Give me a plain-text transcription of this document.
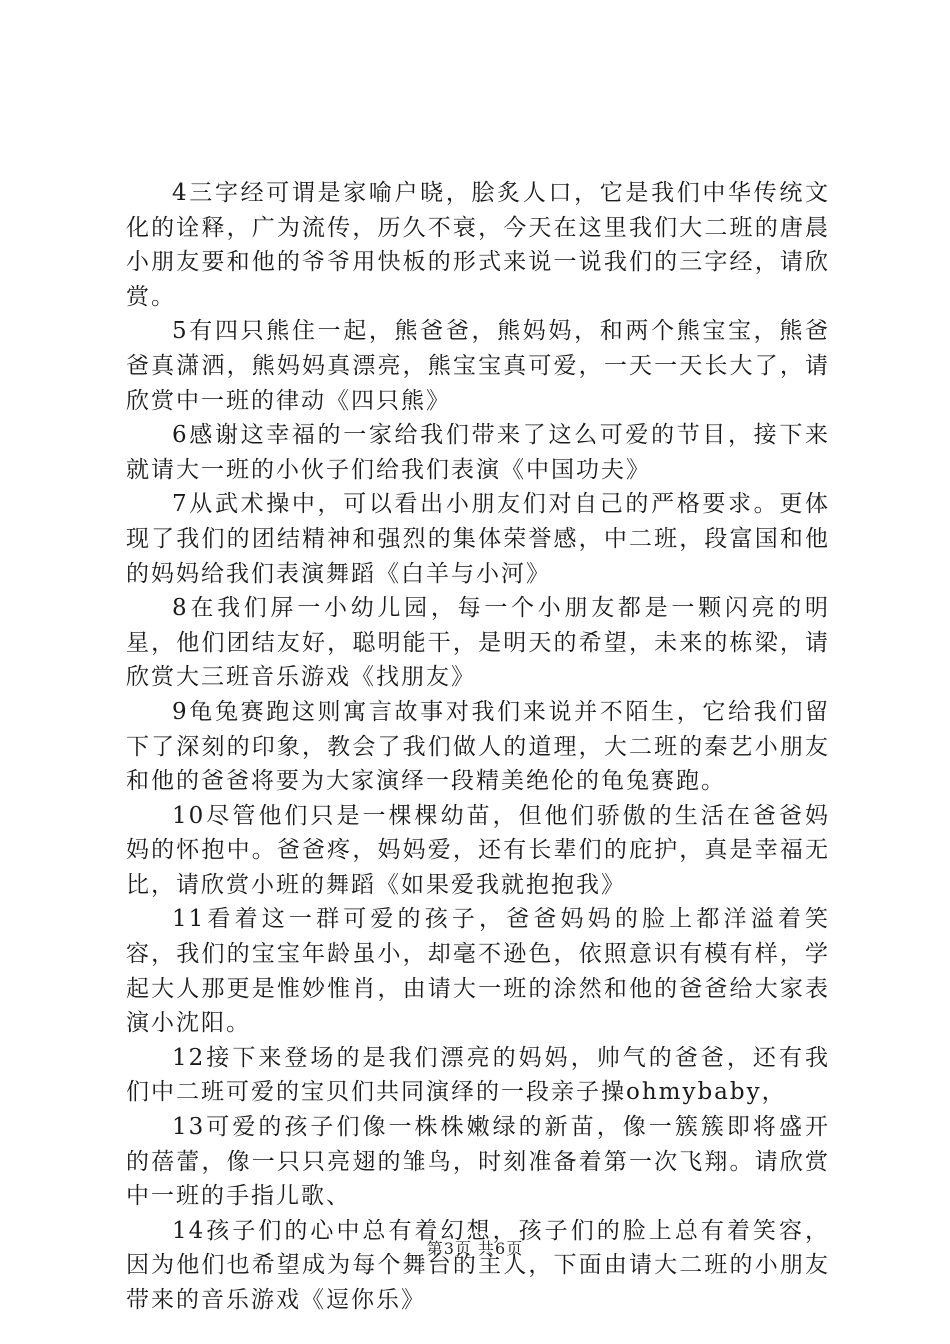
4三字经可谓是家喻户晓，脍炙人口，它是我们中华传统文化的诠释，广为流传，历久不衰，今天在这里我们大二班的唐晨小朋友要和他的爷爷用快板的形式来说一说我们的三字经，请欣赏。

5有四只熊住一起，熊爸爸，熊妈妈，和两个熊宝宝，熊爸爸真潇洒，熊妈妈真漂亮，熊宝宝真可爱，一天一天长大了，请欣赏中一班的律动《四只熊》

6感谢这幸福的一家给我们带来了这么可爱的节目，接下来就请大一班的小伙子们给我们表演《中国功夫》

7从武术操中，可以看出小朋友们对自己的严格要求。更体现了我们的团结精神和强烈的集体荣誉感，中二班，段富国和他的妈妈给我们表演舞蹈《白羊与小河》

8在我们屏一小幼儿园，每一个小朋友都是一颗闪亮的明星，他们团结友好，聪明能干，是明天的希望，未来的栋梁，请欣赏大三班音乐游戏《找朋友》

9龟兔赛跑这则寓言故事对我们来说并不陌生，它给我们留下了深刻的印象，教会了我们做人的道理，大二班的秦艺小朋友和他的爸爸将要为大家演绎一段精美绝伦的龟兔赛跑。

10尽管他们只是一棵棵幼苗，但他们骄傲的生活在爸爸妈妈的怀抱中。爸爸疼，妈妈爱，还有长辈们的庇护，真是幸福无比，请欣赏小班的舞蹈《如果爱我就抱抱我》

11看着这一群可爱的孩子，爸爸妈妈的脸上都洋溢着笑容，我们的宝宝年龄虽小，却毫不逊色，依照意识有模有样，学起大人那更是惟妙惟肖，由请大一班的涂然和他的爸爸给大家表演小沈阳。

12接下来登场的是我们漂亮的妈妈，帅气的爸爸，还有我们中二班可爱的宝贝们共同演绎的一段亲子操ohmybaby，

13可爱的孩子们像一株株嫩绿的新苗，像一簇簇即将盛开的蓓蕾，像一只只亮翅的雏鸟，时刻准备着第一次飞翔。请欣赏中一班的手指儿歌、

14孩子们的心中总有着幻想，孩子们的脸上总有着笑容，因为他们也希望成为每个舞台的主人，下面由请大二班的小朋友带来的音乐游戏《逗你乐》

第3页 共6页
